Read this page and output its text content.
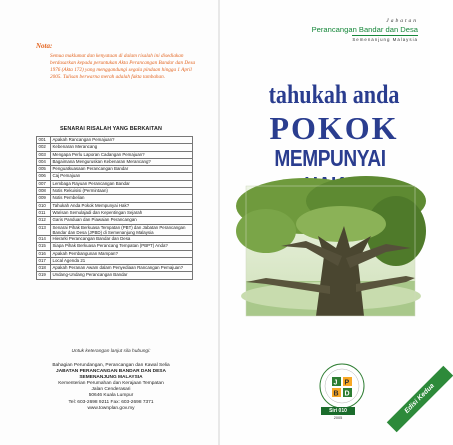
Nota:
Semua maklumat dan kenyataan di dalam risalah ini disediakan berdasarkan kepada peruntukan Akta Perancangan Bandar dan Desa 1976 (Akta 172) yang menggandungi segala pindaan hingga 1 April 2005. Tulisan berwarna merah adalah fakta tambahan.
SENARAI RISALAH YANG BERKAITAN
001	Apakah Rancangan Pemajuan?
002	Kebenaran Merancang
003	Mengapa Perlu Laporan Cadangan Pemajuan?
004	Bagaimana Menguruskan Kebenaran Merancang?
005	Penguatkuasaan Perancangan Bandar
006	Caj Pemajuan
007	Lembaga Rayuan Perancangan Bandar
008	Notis Rekuisisi (Permintaan)
009	Notis Pembelian
010	Tahukah Anda Pokok Mempunyai Hak?
011	Warisan Semulajadi dan Kepentingan Sejarah
012	Garis Panduan dan Piawaian Perancangan
013	Senarai Pihak Berkuasa Tempatan (PBT) dan Jabatan Perancangan Bandar dan Desa (JPBD) di Semenanjung Malaysia
014	Hierarki Perancangan Bandar dan Desa
015	Siapa Pihak Berkuasa Perancang Tempatan (PBPT) Anda?
016	Apakah Pembangunan Mampan?
017	Local Agenda 21
018	Apakah Peranan Awam dalam Penyediaan Rancangan Pemajuan?
019	Undang-Undang Perancangan Bandar
Untuk keterangan lanjut sila hubungi:
Bahagian Perundangan, Perancangan dan Kawal Selia
JABATAN PERANCANGAN BANDAR DAN DESA
SEMENANJUNG MALAYSIA
Kementerian Perumahan dan Kerajaan Tempatan
Jalan Cenderasari
50646 Kuala Lumpur
Tel: 603-2698 9211 Fax: 603-2698 7371
www.townplan.gov.my
Jabatan
Perancangan Bandar dan Desa
Semenanjung Malaysia
tahukah anda
POKOK
MEMPUNYAI
J P
B D
Siri 010
2005
Edisi Kedua
